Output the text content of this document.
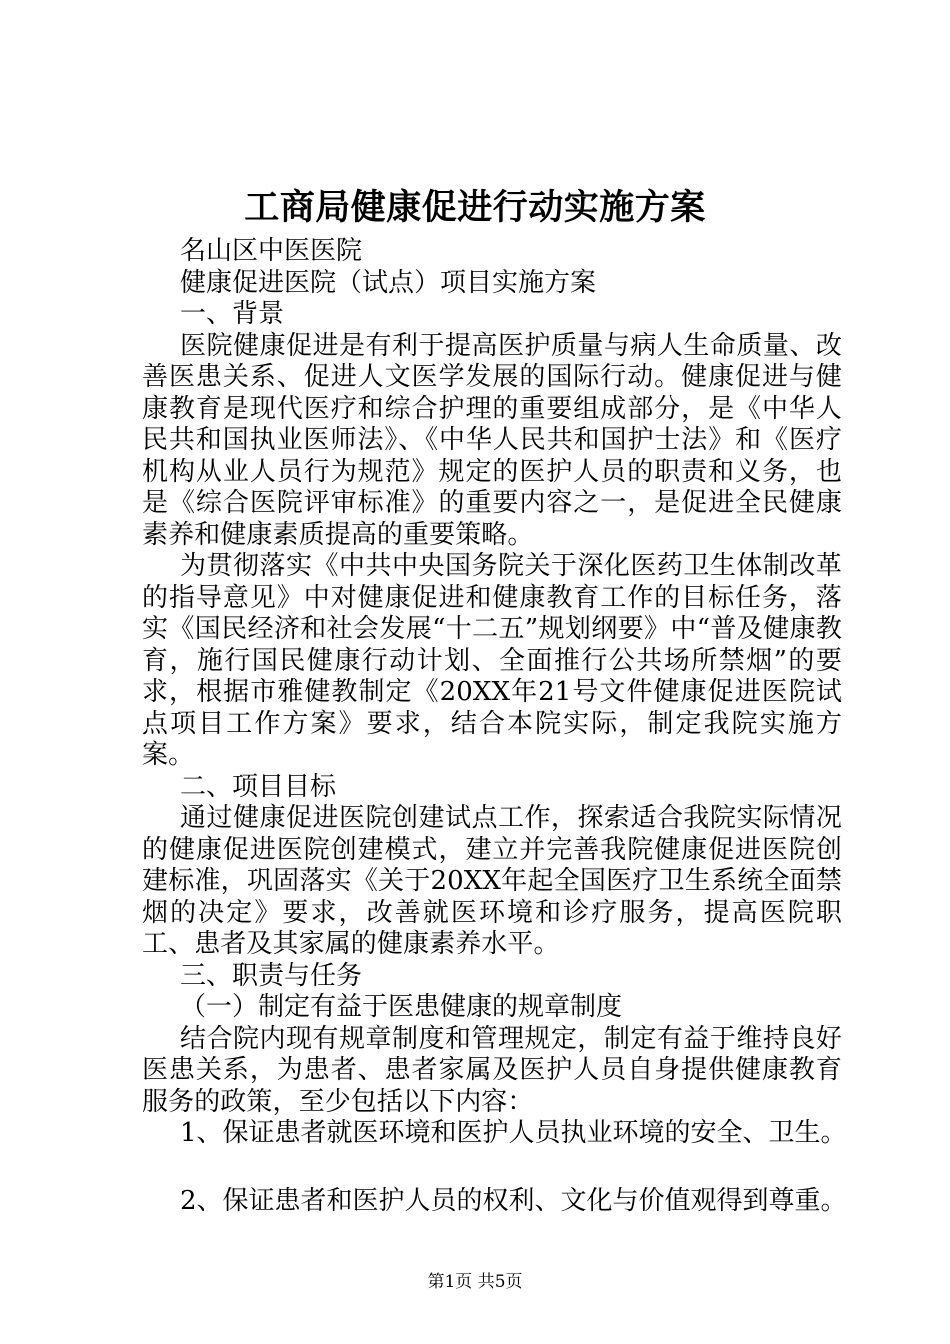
工商局健康促进行动实施方案
名山区中医医院
健康促进医院（试点）项目实施方案
一、背景

医院健康促进是有利于提高医护质量与病人生命质量、改善医患关系、促进人文医学发展的国际行动。健康促进与健康教育是现代医疗和综合护理的重要组成部分，是《中华人民共和国执业医师法》、《中华人民共和国护士法》和《医疗机构从业人员行为规范》规定的医护人员的职责和义务，也是《综合医院评审标准》的重要内容之一，是促进全民健康素养和健康素质提高的重要策略。

为贯彻落实《中共中央国务院关于深化医药卫生体制改革的指导意见》中对健康促进和健康教育工作的目标任务，落实《国民经济和社会发展“十二五”规划纲要》中“普及健康教育，施行国民健康行动计划、全面推行公共场所禁烟”的要求，根据市雅健教制定《20XX年21号文件健康促进医院试点项目工作方案》要求，结合本院实际，制定我院实施方案。

二、项目目标

通过健康促进医院创建试点工作，探索适合我院实际情况的健康促进医院创建模式，建立并完善我院健康促进医院创建标准，巩固落实《关于20XX年起全国医疗卫生系统全面禁烟的决定》要求，改善就医环境和诊疗服务，提高医院职工、患者及其家属的健康素养水平。

三、职责与任务
（一）制定有益于医患健康的规章制度

结合院内现有规章制度和管理规定，制定有益于维持良好医患关系，为患者、患者家属及医护人员自身提供健康教育服务的政策，至少包括以下内容：

1、保证患者就医环境和医护人员执业环境的安全、卫生。
2、保证患者和医护人员的权利、文化与价值观得到尊重。
第1页 共5页
